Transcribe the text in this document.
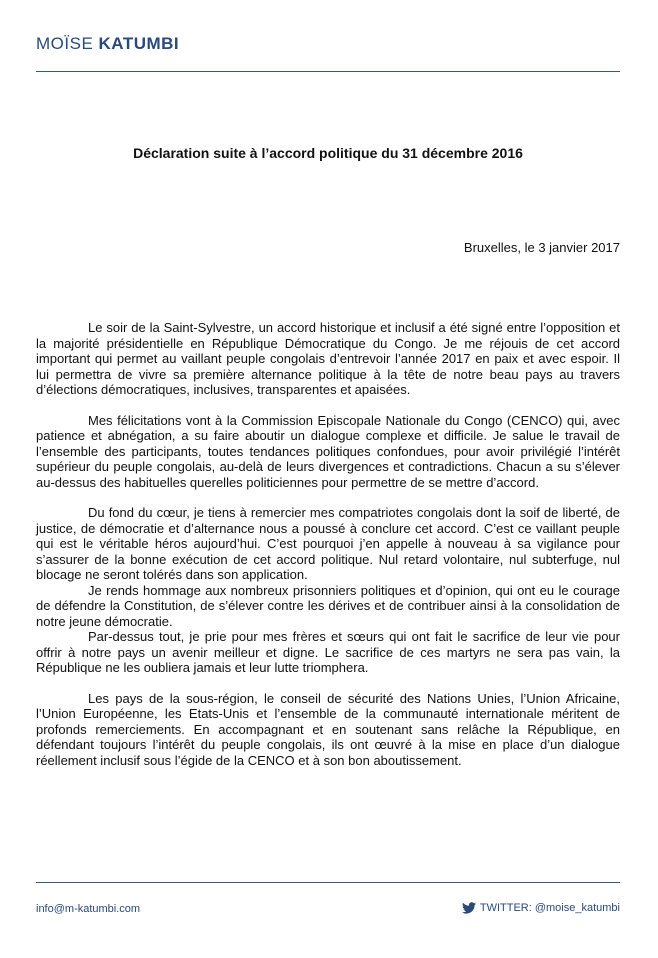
MOÏSE KATUMBI
Déclaration suite à l’accord politique du 31 décembre 2016
Bruxelles, le 3 janvier 2017

Le soir de la Saint-Sylvestre, un accord historique et inclusif a été signé entre l’opposition et la majorité présidentielle en République Démocratique du Congo. Je me réjouis de cet accord important qui permet au vaillant peuple congolais d’entrevoir l’année 2017 en paix et avec espoir. Il lui permettra de vivre sa première alternance politique à la tête de notre beau pays au travers d’élections démocratiques, inclusives, transparentes et apaisées.

Mes félicitations vont à la Commission Episcopale Nationale du Congo (CENCO) qui, avec patience et abnégation, a su faire aboutir un dialogue complexe et difficile. Je salue le travail de l’ensemble des participants, toutes tendances politiques confondues, pour avoir privilégié l’intérêt supérieur du peuple congolais, au-delà de leurs divergences et contradictions. Chacun a su s’élever au-dessus des habituelles querelles politiciennes pour permettre de se mettre d’accord.

Du fond du cœur, je tiens à remercier mes compatriotes congolais dont la soif de liberté, de justice, de démocratie et d’alternance nous a poussé à conclure cet accord. C’est ce vaillant peuple qui est le véritable héros aujourd’hui. C’est pourquoi j’en appelle à nouveau à sa vigilance pour s’assurer de la bonne exécution de cet accord politique. Nul retard volontaire, nul subterfuge, nul blocage ne seront tolérés dans son application.

Je rends hommage aux nombreux prisonniers politiques et d’opinion, qui ont eu le courage de défendre la Constitution, de s’élever contre les dérives et de contribuer ainsi à la consolidation de notre jeune démocratie.

Par-dessus tout, je prie pour mes frères et sœurs qui ont fait le sacrifice de leur vie pour offrir à notre pays un avenir meilleur et digne. Le sacrifice de ces martyrs ne sera pas vain, la République ne les oubliera jamais et leur lutte triomphera.

Les pays de la sous-région, le conseil de sécurité des Nations Unies, l’Union Africaine, l’Union Européenne, les Etats-Unis et l’ensemble de la communauté internationale méritent de profonds remerciements. En accompagnant et en soutenant sans relâche la République, en défendant toujours l’intérêt du peuple congolais, ils ont œuvré à la mise en place d’un dialogue réellement inclusif sous l’égide de la CENCO et à son bon aboutissement.

info@m-katumbi.com	TWITTER: @moise_katumbi
